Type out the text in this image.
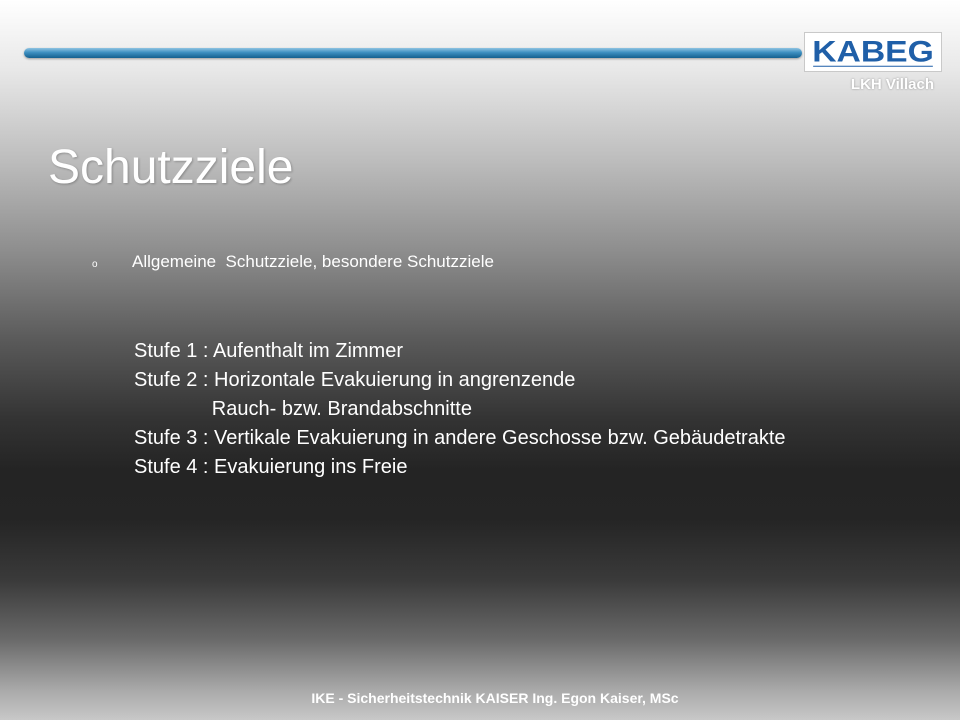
KABEG
LKH Villach
Schutzziele
o	Allgemeine  Schutzziele, besondere Schutzziele
Stufe 1 : Aufenthalt im Zimmer
Stufe 2 : Horizontale Evakuierung in angrenzende
Rauch- bzw. Brandabschnitte
Stufe 3 : Vertikale Evakuierung in andere Geschosse bzw. Gebäudetrakte
Stufe 4 : Evakuierung ins Freie
IKE - Sicherheitstechnik KAISER Ing. Egon Kaiser, MSc
